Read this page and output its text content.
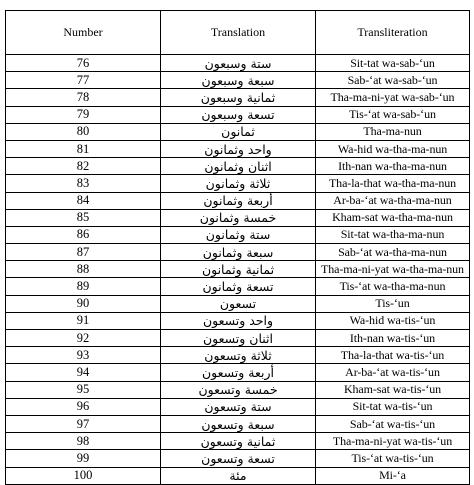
Number	Translation	Transliteration
76	ستة وسبعون	Sit-tat wa-sab-‘un
77	سبعة وسبعون	Sab-‘at wa-sab-‘un
78	ثمانية وسبعون	Tha-ma-ni-yat wa-sab-‘un
79	تسعة وسبعون	Tis-‘at wa-sab-‘un
80	ثمانون	Tha-ma-nun
81	واحد وثمانون	Wa-hid wa-tha-ma-nun
82	اثنان وثمانون	Ith-nan wa-tha-ma-nun
83	ثلاثة وثمانون	Tha-la-that wa-tha-ma-nun
84	أربعة وثمانون	Ar-ba-‘at wa-tha-ma-nun
85	خمسة وثمانون	Kham-sat wa-tha-ma-nun
86	ستة وثمانون	Sit-tat wa-tha-ma-nun
87	سبعة وثمانون	Sab-‘at wa-tha-ma-nun
88	ثمانية وثمانون	Tha-ma-ni-yat wa-tha-ma-nun
89	تسعة وثمانون	Tis-‘at wa-tha-ma-nun
90	تسعون	Tis-‘un
91	واحد وتسعون	Wa-hid wa-tis-‘un
92	اثنان وتسعون	Ith-nan wa-tis-‘un
93	ثلاثة وتسعون	Tha-la-that wa-tis-‘un
94	أربعة وتسعون	Ar-ba-‘at wa-tis-‘un
95	خمسة وتسعون	Kham-sat wa-tis-‘un
96	ستة وتسعون	Sit-tat wa-tis-‘un
97	سبعة وتسعون	Sab-‘at wa-tis-‘un
98	ثمانية وتسعون	Tha-ma-ni-yat wa-tis-‘un
99	تسعة وتسعون	Tis-‘at wa-tis-‘un
100	مئة	Mi-‘a
